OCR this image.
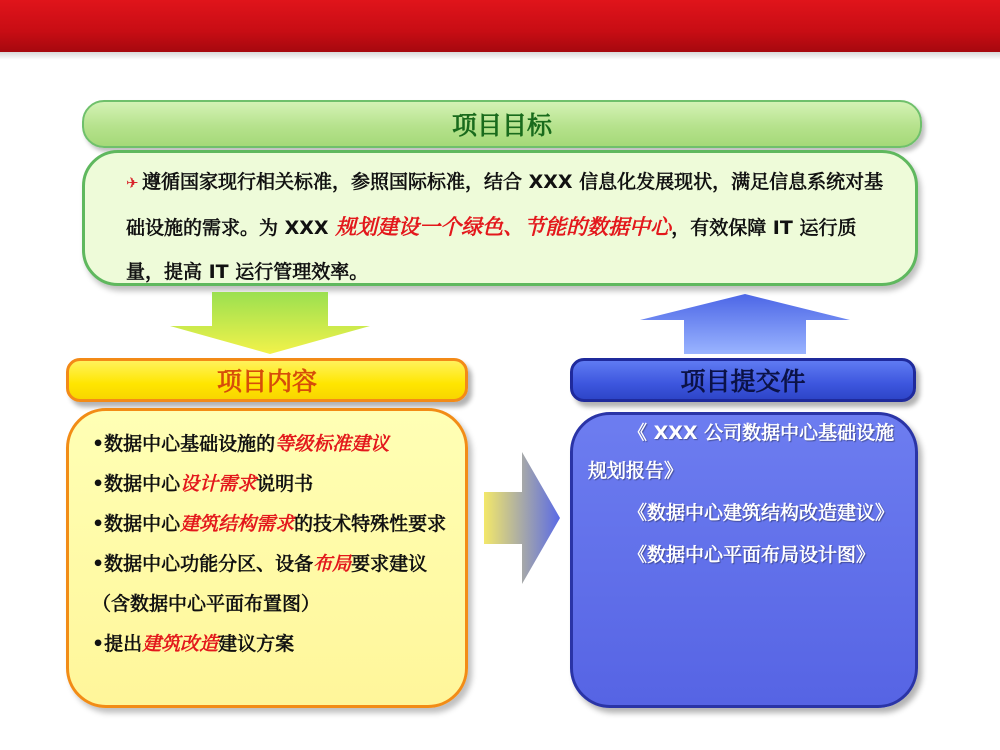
项目目标
✈ 遵循国家现行相关标准，参照国际标准，结合 XXX 信息化发展现状，满足信息系统对基础设施的需求。为 XXX 规划建设一个绿色、节能的数据中心，有效保障 IT 运行质量，提高 IT 运行管理效率。
项目内容
•数据中心基础设施的等级标准建议
•数据中心设计需求说明书
•数据中心建筑结构需求的技术特殊性要求
•数据中心功能分区、设备布局要求建议（含数据中心平面布置图）
•提出建筑改造建议方案
项目提交件

《 XXX 公司数据中心基础设施规划报告》

《数据中心建筑结构改造建议》

《数据中心平面布局设计图》
